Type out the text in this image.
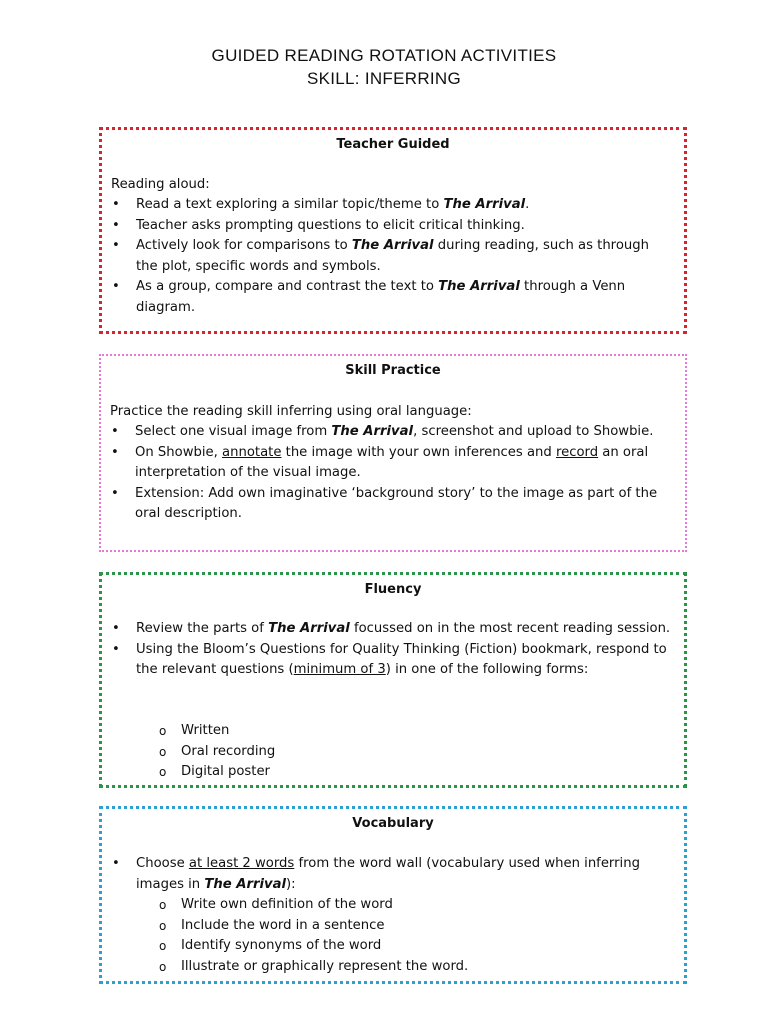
GUIDED READING ROTATION ACTIVITIES
SKILL: INFERRING
Teacher Guided
Reading aloud:
• Read a text exploring a similar topic/theme to The Arrival.
• Teacher asks prompting questions to elicit critical thinking.
• Actively look for comparisons to The Arrival during reading, such as through the plot, specific words and symbols.
• As a group, compare and contrast the text to The Arrival through a Venn diagram.
Skill Practice
Practice the reading skill inferring using oral language:
• Select one visual image from The Arrival, screenshot and upload to Showbie.
• On Showbie, annotate the image with your own inferences and record an oral interpretation of the visual image.
• Extension: Add own imaginative ‘background story’ to the image as part of the oral description.
Fluency
• Review the parts of The Arrival focussed on in the most recent reading session.
• Using the Bloom’s Questions for Quality Thinking (Fiction) bookmark, respond to the relevant questions (minimum of 3) in one of the following forms:
o Written
o Oral recording
o Digital poster
Vocabulary
• Choose at least 2 words from the word wall (vocabulary used when inferring images in The Arrival):
o Write own definition of the word
o Include the word in a sentence
o Identify synonyms of the word
o Illustrate or graphically represent the word.
